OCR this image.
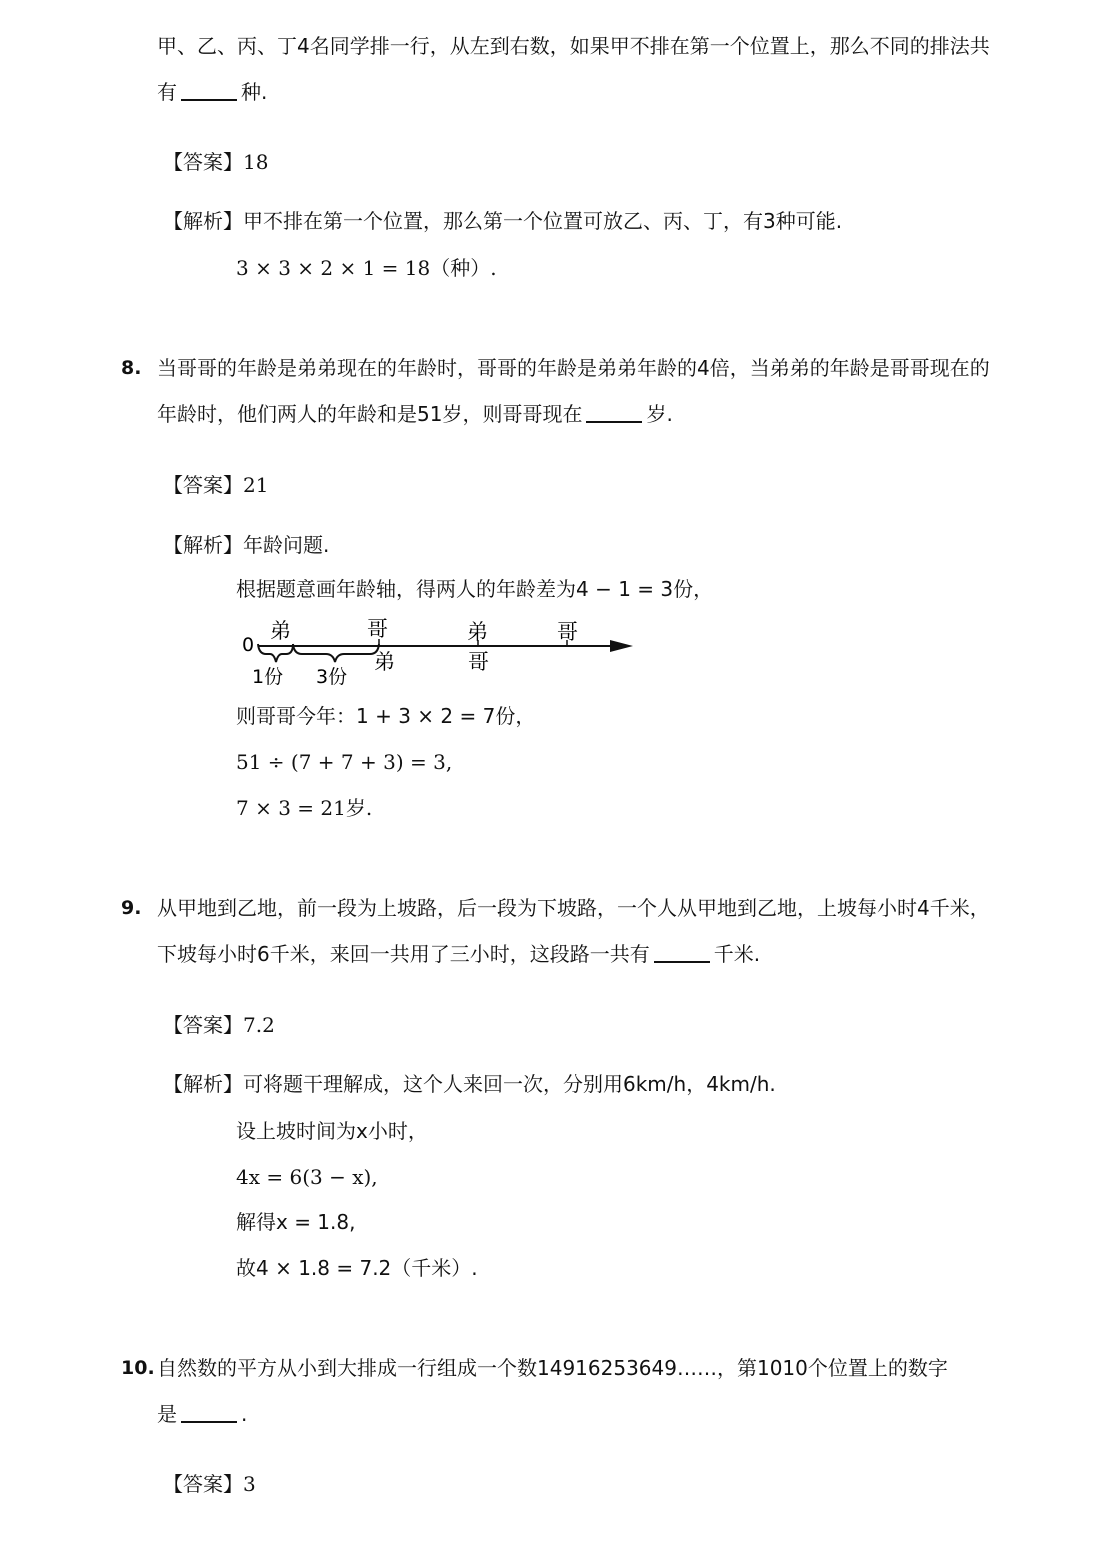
甲、乙、丙、丁4名同学排一行，从左到右数，如果甲不排在第一个位置上，那么不同的排法共
有	种.
【答案】18
【解析】甲不排在第一个位置，那么第一个位置可放乙、丙、丁，有3种可能.
3 × 3 × 2 × 1 = 18（种）.
8. 当哥哥的年龄是弟弟现在的年龄时，哥哥的年龄是弟弟年龄的4倍，当弟弟的年龄是哥哥现在的
年龄时，他们两人的年龄和是51岁，则哥哥现在	岁.
【答案】21
【解析】年龄问题.
根据题意画年龄轴，得两人的年龄差为4 − 1 = 3份，
0
弟	哥	弟	哥
弟	哥
1份 3份
则哥哥今年：1 + 3 × 2 = 7份，
51 ÷ (7 + 7 + 3) = 3,
7 × 3 = 21岁.
9. 从甲地到乙地，前一段为上坡路，后一段为下坡路，一个人从甲地到乙地，上坡每小时4千米，
下坡每小时6千米，来回一共用了三小时，这段路一共有	千米.
【答案】7.2
【解析】可将题干理解成，这个人来回一次，分别用6km/h，4km/h.
设上坡时间为x小时，
4x = 6(3 − x),
解得x = 1.8,
故4 × 1.8 = 7.2（千米）.
10. 自然数的平方从小到大排成一行组成一个数14916253649……，第1010个位置上的数字
是	.
【答案】3
